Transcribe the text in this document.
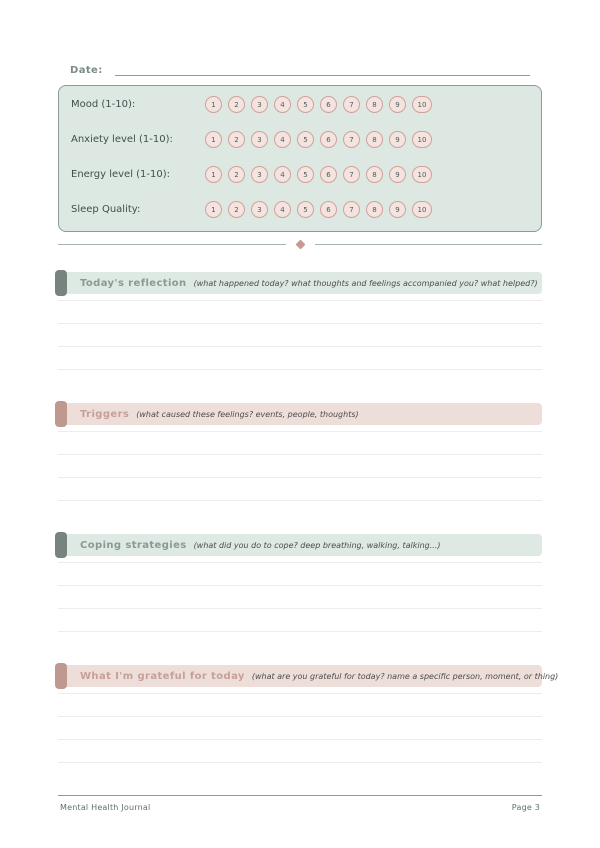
Date:
Mood (1-10):	1	2	3	4	5	6	7	8	9	10
Anxiety level (1-10):	1	2	3	4	5	6	7	8	9	10
Energy level (1-10):	1	2	3	4	5	6	7	8	9	10
Sleep Quality:	1	2	3	4	5	6	7	8	9	10
Today's reflection (what happened today? what thoughts and feelings accompanied you? what helped?)
Triggers (what caused these feelings? events, people, thoughts)
Coping strategies (what did you do to cope? deep breathing, walking, talking...)
What I'm grateful for today (what are you grateful for today? name a specific person, moment, or thing)
Mental Health Journal	Page 3
